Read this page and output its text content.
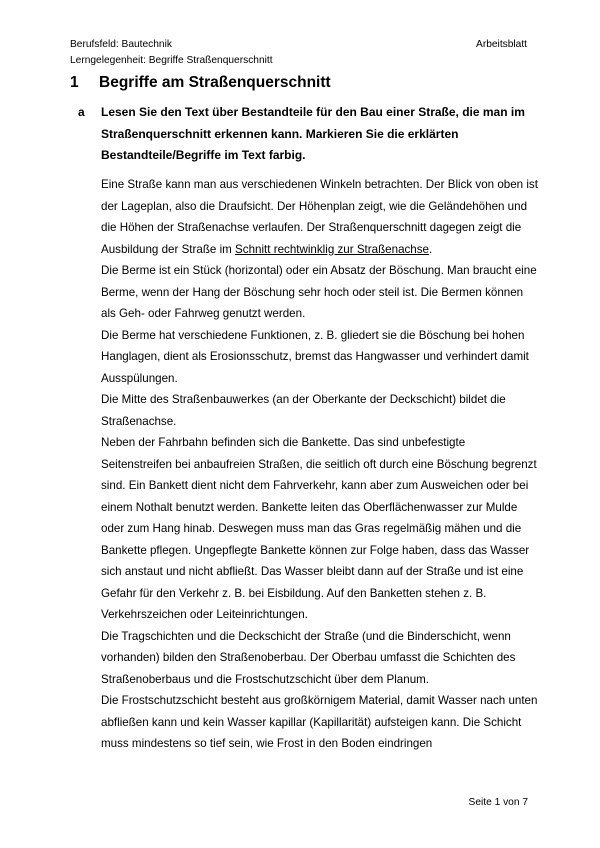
Berufsfeld: Bautechnik
Lerngelegenheit: Begriffe Straßenquerschnitt
Arbeitsblatt
1 Begriffe am Straßenquerschnitt
a Lesen Sie den Text über Bestandteile für den Bau einer Straße, die man im Straßenquerschnitt erkennen kann. Markieren Sie die erklärten Bestandteile/Begriffe im Text farbig.

Eine Straße kann man aus verschiedenen Winkeln betrachten. Der Blick von oben ist der Lageplan, also die Draufsicht. Der Höhenplan zeigt, wie die Geländehöhen und die Höhen der Straßenachse verlaufen. Der Straßenquerschnitt dagegen zeigt die Ausbildung der Straße im Schnitt rechtwinklig zur Straßenachse.

Die Berme ist ein Stück (horizontal) oder ein Absatz der Böschung. Man braucht eine Berme, wenn der Hang der Böschung sehr hoch oder steil ist. Die Bermen können als Geh- oder Fahrweg genutzt werden.

Die Berme hat verschiedene Funktionen, z. B. gliedert sie die Böschung bei hohen Hanglagen, dient als Erosionsschutz, bremst das Hangwasser und verhindert damit Ausspülungen.

Die Mitte des Straßenbauwerkes (an der Oberkante der Deckschicht) bildet die Straßenachse.

Neben der Fahrbahn befinden sich die Bankette. Das sind unbefestigte Seitenstreifen bei anbaufreien Straßen, die seitlich oft durch eine Böschung begrenzt sind. Ein Bankett dient nicht dem Fahrverkehr, kann aber zum Ausweichen oder bei einem Nothalt benutzt werden. Bankette leiten das Oberflächenwasser zur Mulde oder zum Hang hinab. Deswegen muss man das Gras regelmäßig mähen und die Bankette pflegen. Ungepflegte Bankette können zur Folge haben, dass das Wasser sich anstaut und nicht abfließt. Das Wasser bleibt dann auf der Straße und ist eine Gefahr für den Verkehr z. B. bei Eisbildung. Auf den Banketten stehen z. B. Verkehrszeichen oder Leiteinrichtungen.

Die Tragschichten und die Deckschicht der Straße (und die Binderschicht, wenn vorhanden) bilden den Straßenoberbau. Der Oberbau umfasst die Schichten des Straßenoberbaus und die Frostschutzschicht über dem Planum.

Die Frostschutzschicht besteht aus großkörnigem Material, damit Wasser nach unten abfließen kann und kein Wasser kapillar (Kapillarität) aufsteigen kann. Die Schicht muss mindestens so tief sein, wie Frost in den Boden eindringen

Seite 1 von 7
